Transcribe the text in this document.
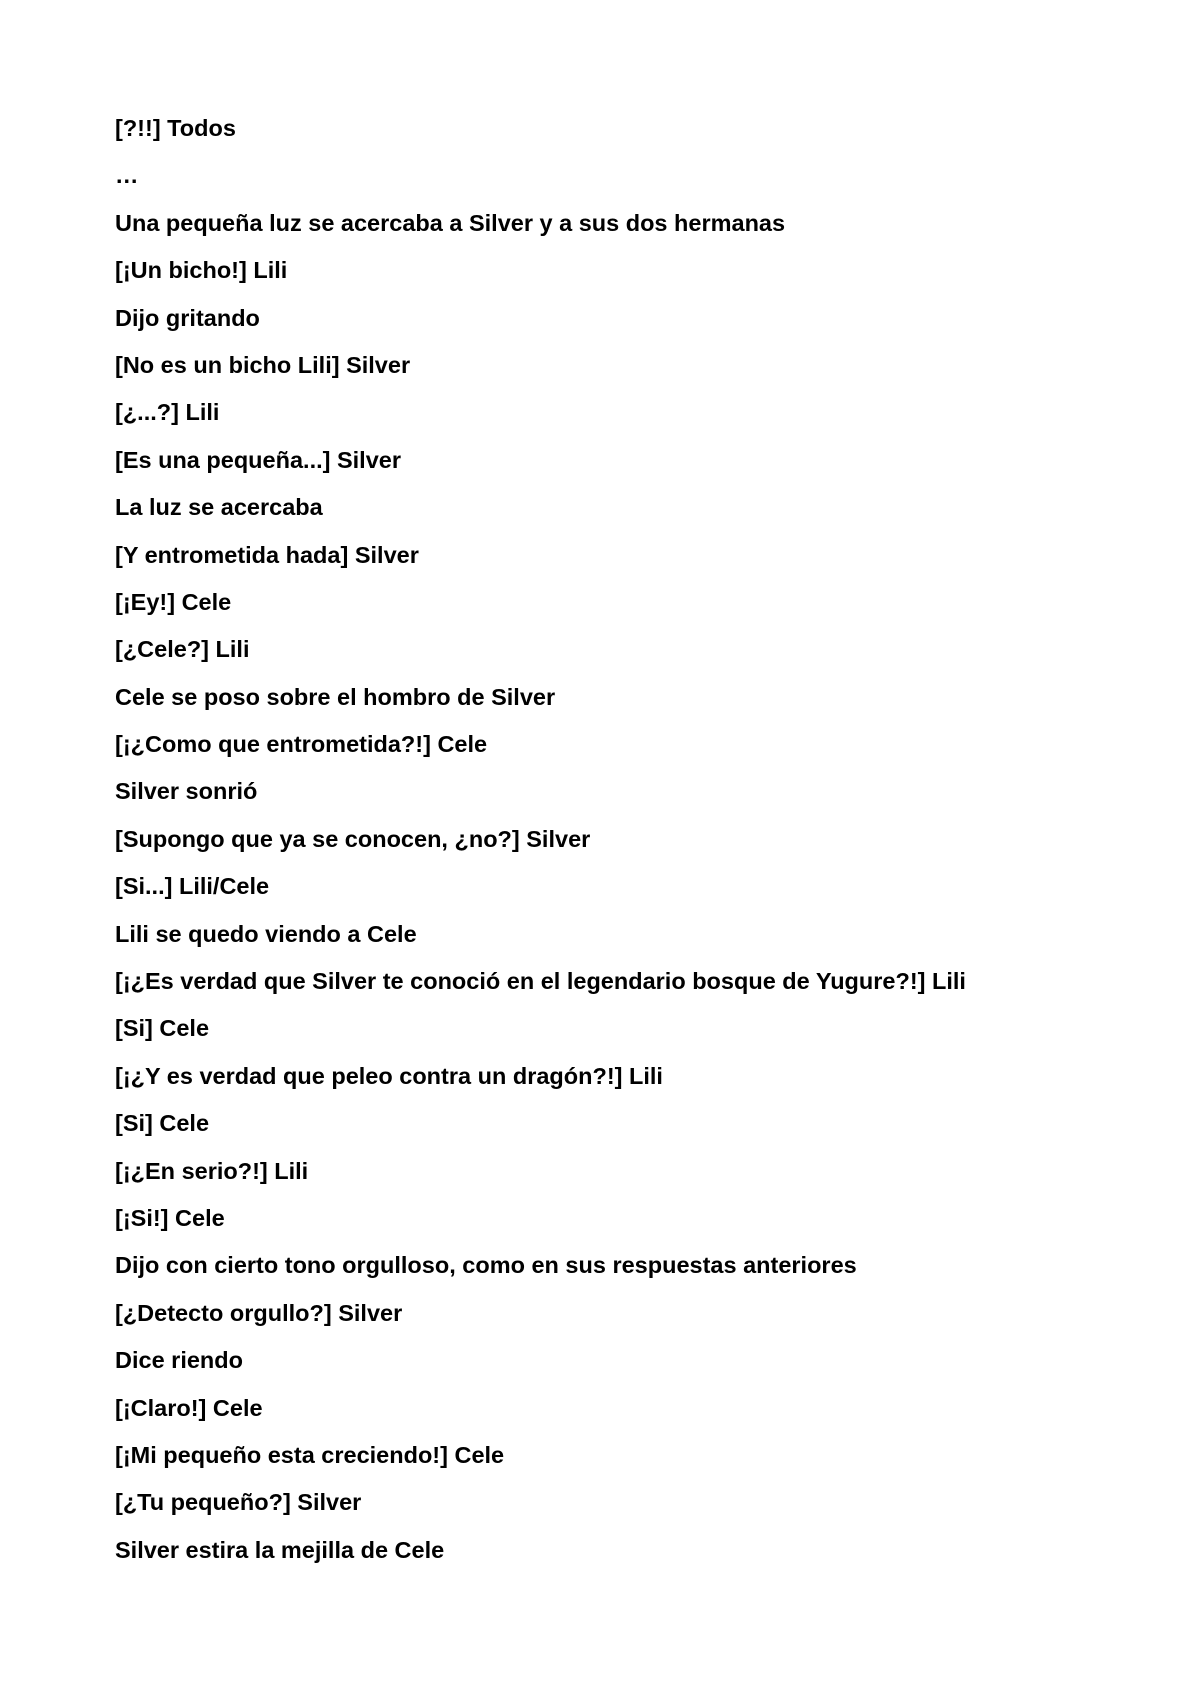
[?!!] Todos
…
Una pequeña luz se acercaba a Silver y a sus dos hermanas
[¡Un bicho!] Lili
Dijo gritando
[No es un bicho Lili] Silver
[¿...?] Lili
[Es una pequeña...] Silver
La luz se acercaba
[Y entrometida hada] Silver
[¡Ey!] Cele
[¿Cele?] Lili
Cele se poso sobre el hombro de Silver
[¡¿Como que entrometida?!] Cele
Silver sonrió
[Supongo que ya se conocen, ¿no?] Silver
[Si...] Lili/Cele
Lili se quedo viendo a Cele
[¡¿Es verdad que Silver te conoció en el legendario bosque de Yugure?!] Lili
[Si] Cele
[¡¿Y es verdad que peleo contra un dragón?!] Lili
[Si] Cele
[¡¿En serio?!] Lili
[¡Si!] Cele
Dijo con cierto tono orgulloso, como en sus respuestas anteriores
[¿Detecto orgullo?] Silver
Dice riendo
[¡Claro!] Cele
[¡Mi pequeño esta creciendo!] Cele
[¿Tu pequeño?] Silver
Silver estira la mejilla de Cele
